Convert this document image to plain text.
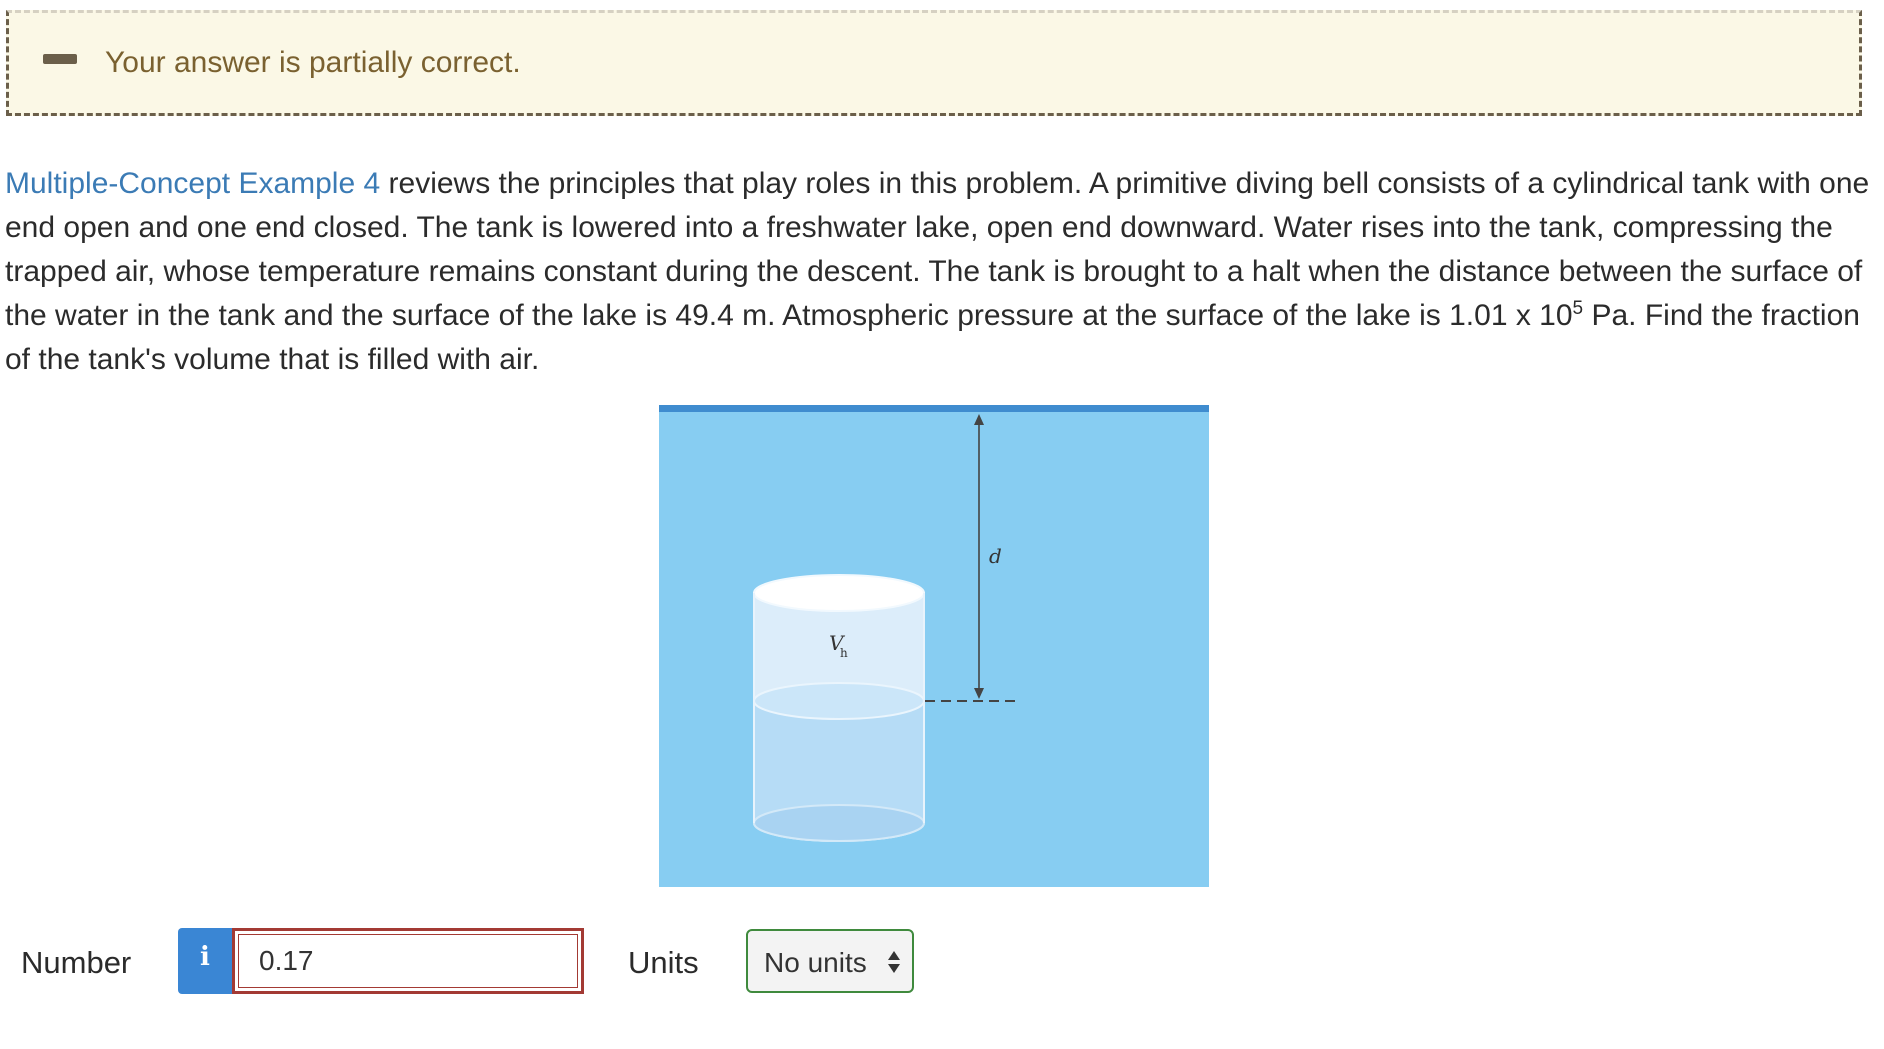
Your answer is partially correct.
Multiple-Concept Example 4 reviews the principles that play roles in this problem. A primitive diving bell consists of a cylindrical tank with one end open and one end closed. The tank is lowered into a freshwater lake, open end downward. Water rises into the tank, compressing the trapped air, whose temperature remains constant during the descent. The tank is brought to a halt when the distance between the surface of the water in the tank and the surface of the lake is 49.4 m. Atmospheric pressure at the surface of the lake is 1.01 x $10^5$ Pa. Find the fraction of the tank's volume that is filled with air.
V
h
d
Number	i
0.17	Units No units
